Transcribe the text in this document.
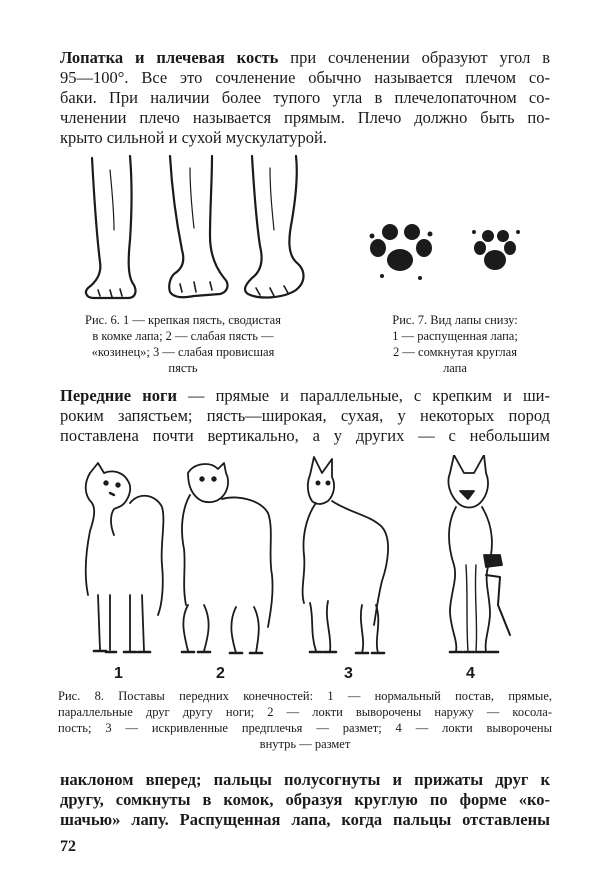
Лопатка и плечевая кость при сочленении образуют угол в
95—100°. Все это сочленение обычно называется плечом со-
баки. При наличии более тупого угла в плечелопаточном со-
членении плечо называется прямым. Плечо должно быть по-
крыто сильной и сухой мускулатурой.
Рис. 6. 1 — крепкая пясть, сводистая
в комке лапа; 2 — слабая пясть —
«козинец»; 3 — слабая провисшая
пясть
Рис. 7. Вид лапы снизу:
1 — распущенная лапа;
2 — сомкнутая круглая
лапа
Передние ноги — прямые и параллельные, с крепким и ши-
роким запястьем; пясть—широкая, сухая, у некоторых пород
поставлена почти вертикально, а у других — с небольшим
1	2	3	4
Рис. 8. Поставы передних конечностей: 1 — нормальный постав, прямые,
параллельные друг другу ноги; 2 — локти выворочены наружу — косола-
пость; 3 — искривленные предплечья — размет; 4 — локти выворочены
внутрь — размет
наклоном вперед; пальцы полусогнуты и прижаты друг к
другу, сомкнуты в комок, образуя круглую по форме «ко-
шачью» лапу. Распущенная лапа, когда пальцы отставлены
72
